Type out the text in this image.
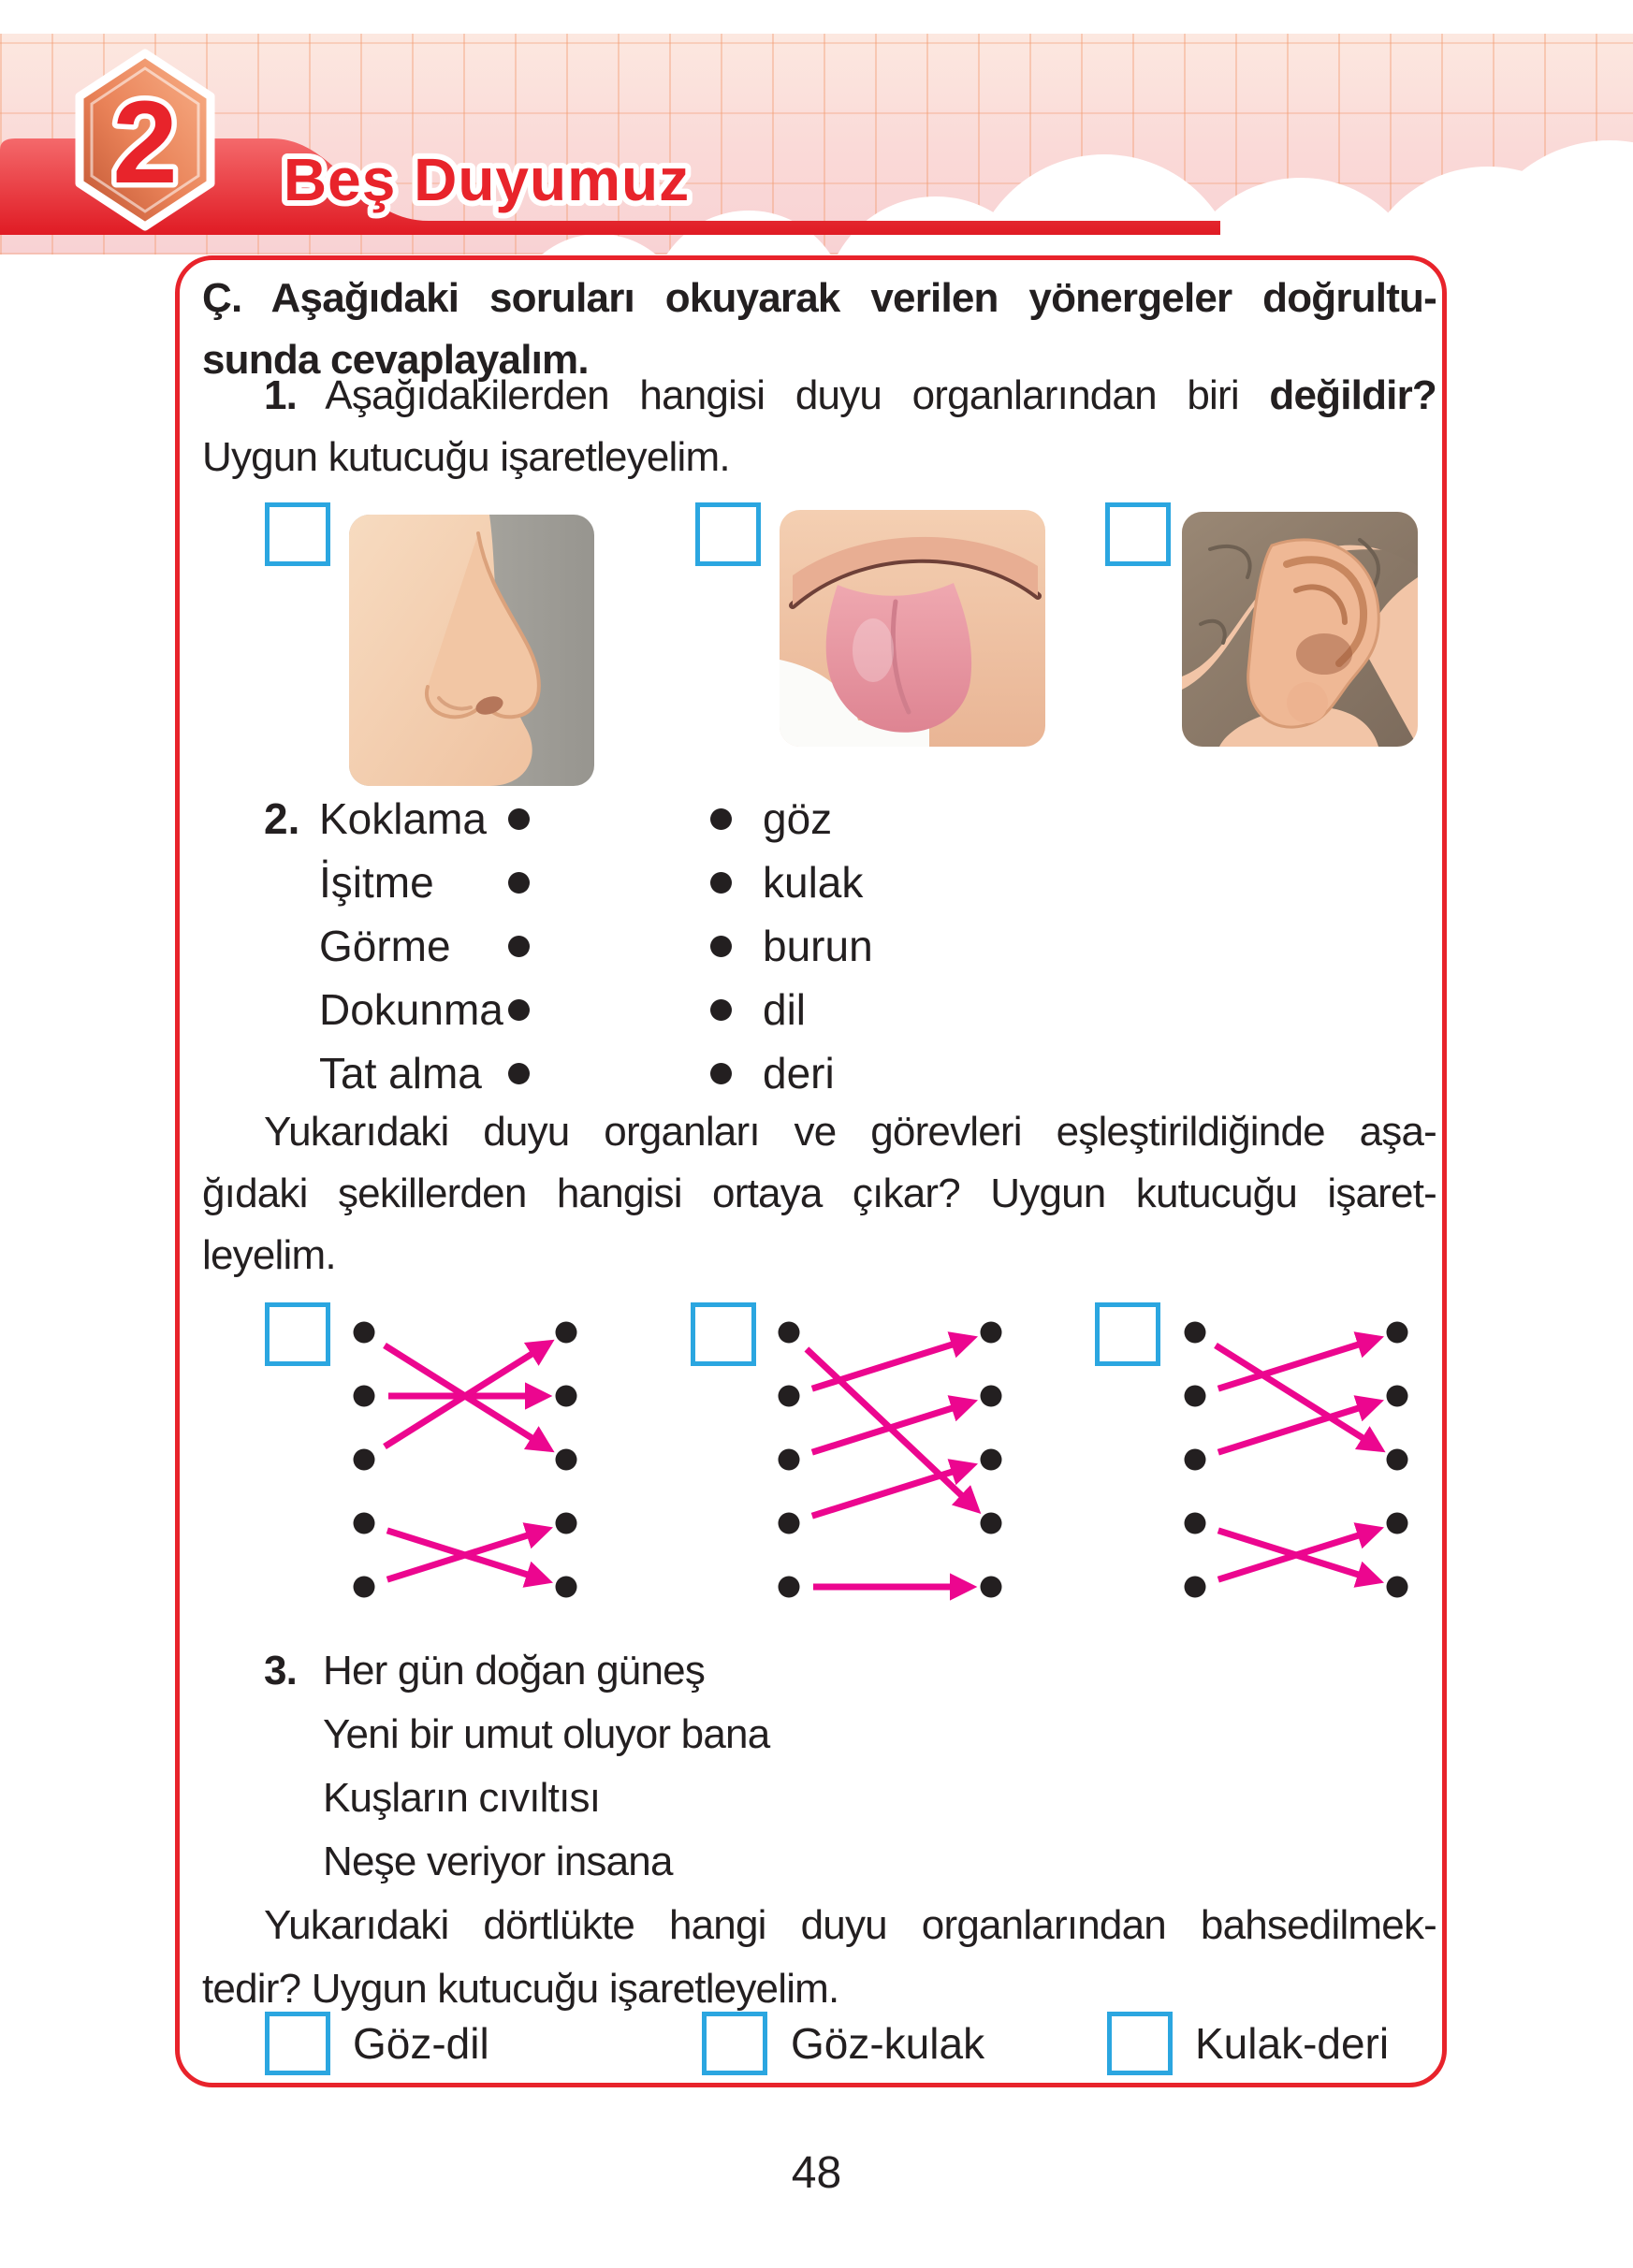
2 Beş Duyumuz
Ç. Aşağıdaki soruları okuyarak verilen yönergeler doğrultu-
sunda cevaplayalım.
1. Aşağıdakilerden hangisi duyu organlarından biri değildir?
Uygun kutucuğu işaretleyelim.
2. Koklama	göz
İşitme	kulak
Görme	burun
Dokunma	dil
Tat alma	deri
Yukarıdaki duyu organları ve görevleri eşleştirildiğinde aşa-
ğıdaki şekillerden hangisi ortaya çıkar? Uygun kutucuğu işaret-
leyelim.
3. Her gün doğan güneş
Yeni bir umut oluyor bana
Kuşların cıvıltısı
Neşe veriyor insana
Yukarıdaki dörtlükte hangi duyu organlarından bahsedilmek-
tedir? Uygun kutucuğu işaretleyelim.
Göz-dil	Göz-kulak	Kulak-deri
48
